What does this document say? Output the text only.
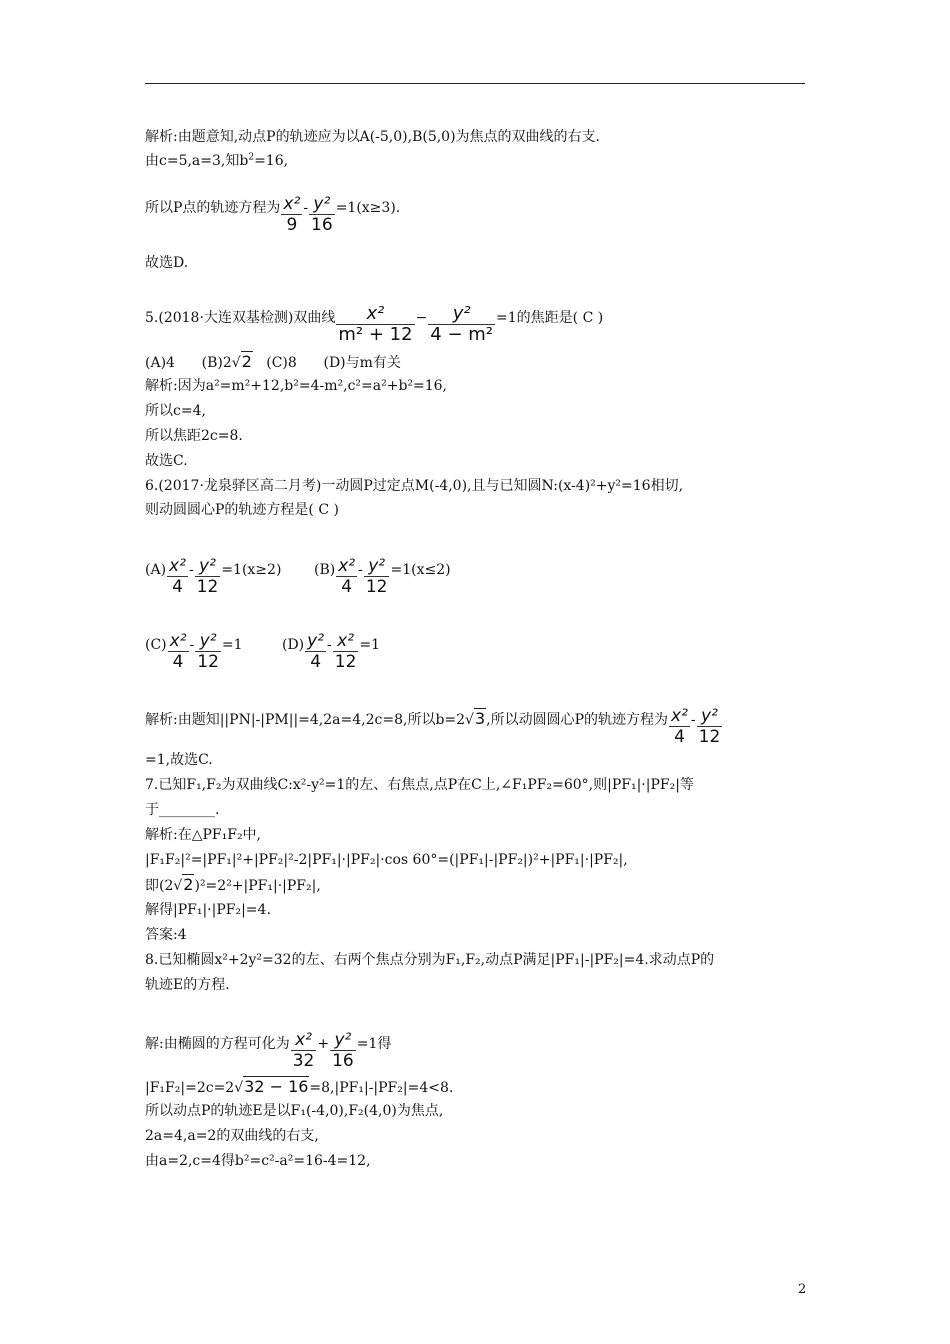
解析:由题意知,动点P的轨迹应为以A(-5,0),B(5,0)为焦点的双曲线的右支.
由c=5,a=3,知$b^2=16$,
所以P点的轨迹方程为 $\frac{\text{x²}}{9} - \frac{\text{y²}}{16} =1(x\ge 3)$.
故选D.
5.(2018·大连双基检测)双曲线 $\frac{\text{x²}}{\text{m² + 12}} - \frac{\text{y²}}{\text{4 − m²}} =1$的焦距是( C )
(A)4 (B)2√2 (C)8 (D)与m有关
解析:因为a²=m²+12,b²=4-m²,c²=a²+b²=16,
所以c=4,
所以焦距2c=8.
故选C.
6.(2017·龙泉驿区高二月考)一动圆P过定点M(-4,0),且与已知圆N:(x-4)²+y²=16相切,
则动圆圆心P的轨迹方程是( C )
$(A) \frac{\text{x²}}{4} - \frac{\text{y²}}{12} =1(x\ge 2)$ $(B) \frac{\text{x²}}{4} - \frac{\text{y²}}{12} =1(x\le 2)$
$(C) \frac{\text{x²}}{4} - \frac{\text{y²}}{12} =1$	$(D) \frac{\text{y²}}{4} - \frac{\text{x²}}{12} =1$
解析:由题知||PN|-|PM||=4,2a=4,2c=8,所以b=2√3,所以动圆圆心P的轨迹方程为 $\frac{\text{x²}}{4} - \frac{\text{y²}}{12}$
=1,故选C.
7.已知F₁,F₂为双曲线C:x²-y²=1的左、右焦点,点P在C上,∠F₁PF₂=60°,则|PF₁|·|PF₂|等
于________.
解析:在△PF₁F₂中,
|F₁F₂|²=|PF₁|²+|PF₂|²-2|PF₁|·|PF₂|·cos 60°=(|PF₁|-|PF₂|)²+|PF₁|·|PF₂|,
即(2√2)²=2²+|PF₁|·|PF₂|,
解得|PF₁|·|PF₂|=4.
答案:4
8.已知椭圆x²+2y²=32的左、右两个焦点分别为F₁,F₂,动点P满足|PF₁|-|PF₂|=4.求动点P的
轨迹E的方程.
解:由椭圆的方程可化为 $\frac{\text{x²}}{32} + \frac{\text{y²}}{16} =1$得
|F₁F₂|=2c=2√32 − 16=8,|PF₁|-|PF₂|=4<8.
所以动点P的轨迹E是以F₁(-4,0),F₂(4,0)为焦点,
2a=4,a=2的双曲线的右支,
由a=2,c=4得b²=c²-a²=16-4=12,
2
